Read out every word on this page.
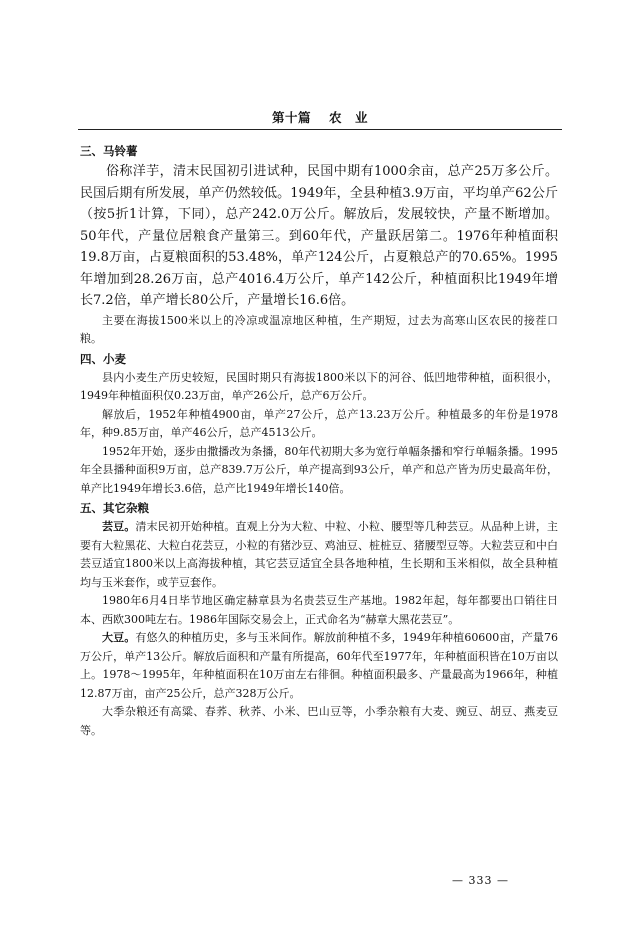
第十篇 农　业
三、马铃薯

俗称洋芋，清末民国初引进试种，民国中期有1000余亩，总产25万多公斤。民国后期有所发展，单产仍然较低。1949年，全县种植3.9万亩，平均单产62公斤（按5折1计算，下同），总产242.0万公斤。解放后，发展较快，产量不断增加。50年代，产量位居粮食产量第三。到60年代，产量跃居第二。1976年种植面积19.8万亩，占夏粮面积的53.48%，单产124公斤，占夏粮总产的70.65%。1995年增加到28.26万亩，总产4016.4万公斤，单产142公斤，种植面积比1949年增长7.2倍，单产增长80公斤，产量增长16.6倍。

主要在海拔1500米以上的冷凉或温凉地区种植，生产期短，过去为高寒山区农民的接茬口粮。

四、小麦

县内小麦生产历史较短，民国时期只有海拔1800米以下的河谷、低凹地带种植，面积很小，1949年种植面积仅0.23万亩，单产26公斤，总产6万公斤。

解放后，1952年种植4900亩，单产27公斤，总产13.23万公斤。种植最多的年份是1978年，种9.85万亩，单产46公斤，总产4513公斤。

1952年开始，逐步由撒播改为条播，80年代初期大多为宽行单幅条播和窄行单幅条播。1995年全县播种面积9万亩，总产839.7万公斤，单产提高到93公斤，单产和总产皆为历史最高年份，单产比1949年增长3.6倍，总产比1949年增长140倍。

五、其它杂粮

芸豆。清末民初开始种植。直观上分为大粒、中粒、小粒、腰型等几种芸豆。从品种上讲，主要有大粒黑花、大粒白花芸豆，小粒的有猪沙豆、鸡油豆、桩桩豆、猪腰型豆等。大粒芸豆和中白芸豆适宜1800米以上高海拔种植，其它芸豆适宜全县各地种植，生长期和玉米相似，故全县种植均与玉米套作，或芋豆套作。

1980年6月4日毕节地区确定赫章县为名贵芸豆生产基地。1982年起，每年都要出口销往日本、西欧300吨左右。1986年国际交易会上，正式命名为“赫章大黑花芸豆”。

大豆。有悠久的种植历史，多与玉米间作。解放前种植不多，1949年种植60600亩，产量76万公斤，单产13公斤。解放后面积和产量有所提高，60年代至1977年，年种植面积皆在10万亩以上。1978～1995年，年种植面积在10万亩左右徘徊。种植面积最多、产量最高为1966年，种植12.87万亩，亩产25公斤，总产328万公斤。

大季杂粮还有高粱、春荞、秋荞、小米、巴山豆等，小季杂粮有大麦、豌豆、胡豆、燕麦豆等。

— 333 —
